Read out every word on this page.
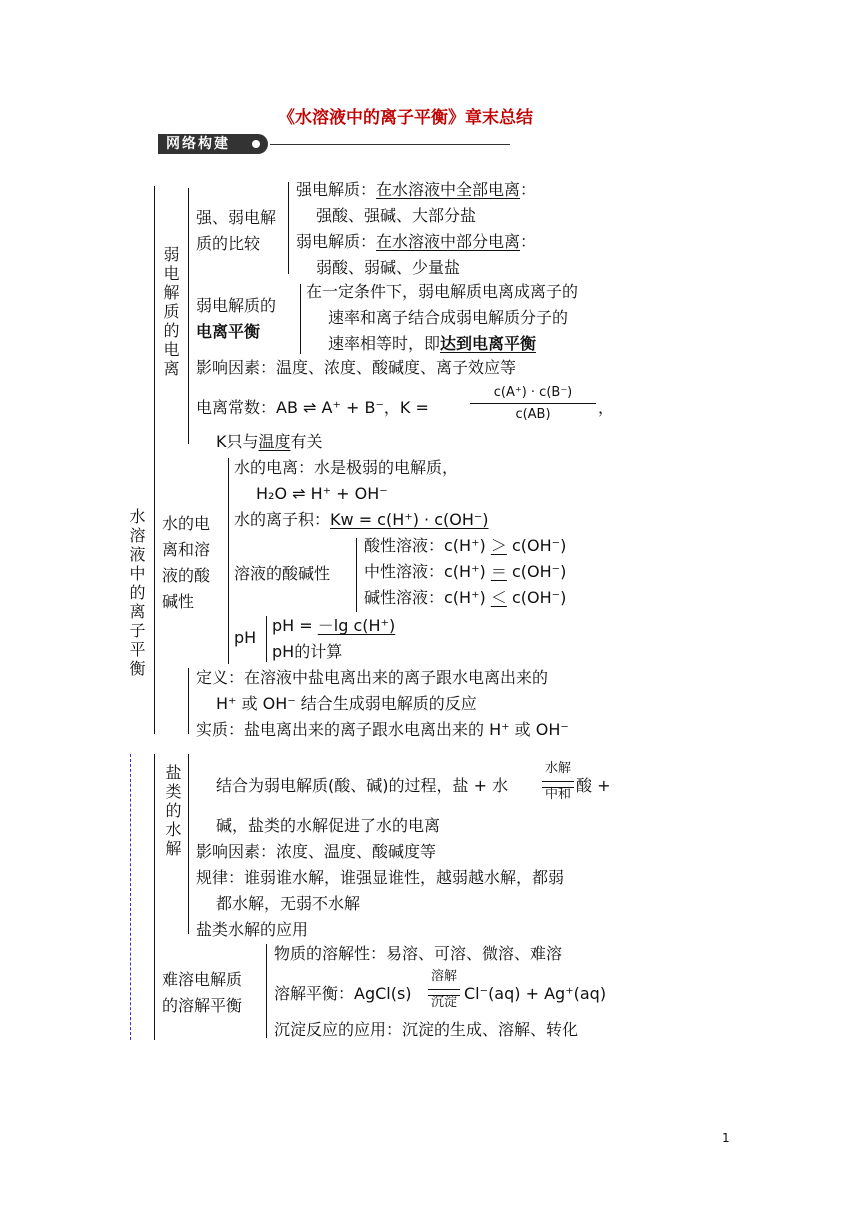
《水溶液中的离子平衡》章末总结
网络构建
水溶液中的离子平衡
弱电解质的电离
强、弱电解
质的比较
强电解质：在水溶液中全部电离：
强酸、强碱、大部分盐
弱电解质：在水溶液中部分电离：
弱酸、弱碱、少量盐
弱电解质的
电离平衡
在一定条件下，弱电解质电离成离子的
速率和离子结合成弱电解质分子的
速率相等时，即达到电离平衡
影响因素：温度、浓度、酸碱度、离子效应等
电离常数：AB ⇌ A⁺ + B⁻，K =
c(A⁺) · c(B⁻)
c(AB)	，
K只与温度有关
水的电
离和溶
液的酸
碱性
水的电离：水是极弱的电解质，
H₂O ⇌ H⁺ + OH⁻
水的离子积：Kw = c(H⁺) · c(OH⁻)
溶液的酸碱性
酸性溶液：c(H⁺) ＞ c(OH⁻)
中性溶液：c(H⁺) ＝ c(OH⁻)
碱性溶液：c(H⁺) ＜ c(OH⁻)
pH
pH = －lg c(H⁺)
pH的计算
定义：在溶液中盐电离出来的离子跟水电离出来的
H⁺ 或 OH⁻ 结合生成弱电解质的反应
实质：盐电离出来的离子跟水电离出来的 H⁺ 或 OH⁻
盐类的水解 结合为弱电解质(酸、碱)的过程，盐 + 水
水解
中和 酸 +
碱，盐类的水解促进了水的电离
影响因素：浓度、温度、酸碱度等
规律：谁弱谁水解，谁强显谁性，越弱越水解，都弱
都水解，无弱不水解
盐类水解的应用
难溶电解质
的溶解平衡
物质的溶解性：易溶、可溶、微溶、难溶
溶解平衡：AgCl(s)
溶解
沉淀 Cl⁻(aq) + Ag⁺(aq)
沉淀反应的应用：沉淀的生成、溶解、转化
1
